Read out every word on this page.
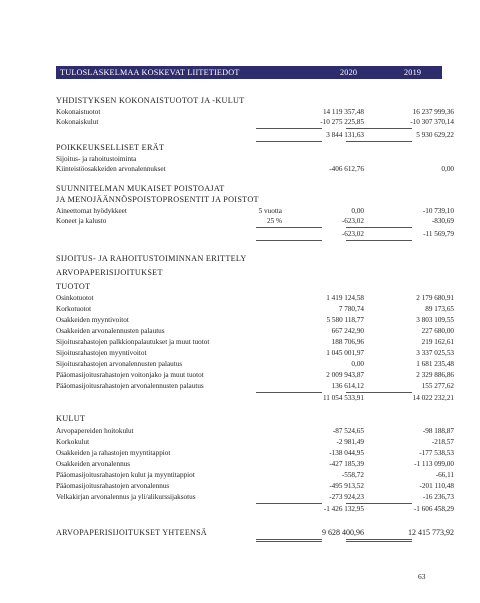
TULOSLASKELMAA KOSKEVAT LIITETIEDOT	2020	2019
YHDISTYKSEN KOKONAISTUOTOT JA -KULUT
Kokonaistuotot	14 119 357,48	16 237 999,36
Kokonaiskulut	-10 275 225,85	-10 307 370,14
3 844 131,63	5 930 629,22
POIKKEUKSELLISET ERÄT
Sijoitus- ja rahoitustoiminta
Kiinteistöosakkeiden arvonalennukset	-406 612,76	0,00
SUUNNITELMAN MUKAISET POISTOAJAT
JA MENOJÄÄNNÖSPOISTOPROSENTIT JA POISTOT
Aineettomat hyödykkeet	5 vuotta	0,00	-10 739,10
Koneet ja kalusto	25 %	-623,02	-830,69
-623,02	-11 569,79
SIJOITUS- JA RAHOITUSTOIMINNAN ERITTELY
ARVOPAPERISIJOITUKSET
TUOTOT
Osinkotuotot	1 419 124,58	2 179 680,91
Korkotuotot	7 780,74	89 173,65
Osakkeiden myyntivoitot	5 580 118,77	3 803 109,55
Osakkeiden arvonalennusten palautus	667 242,90	227 680,00
Sijoitusrahastojen palkkionpalautukset ja muut tuotot	188 706,96	219 162,61
Sijoitusrahastojen myyntivoitot	1 045 001,97	3 337 025,53
Sijoitusrahastojen arvonalennusten palautus	0,00	1 681 235,48
Pääomasijoitusrahastojen voitonjako ja muut tuotot	2 009 943,87	2 329 886,86
Pääomasijoitusrahastojen arvonalennusten palautus	136 614,12	155 277,62
11 054 533,91	14 022 232,21
KULUT
Arvopapereiden hoitokulut	-87 524,65	-98 188,87
Korkokulut	-2 981,49	-218,57
Osakkeiden ja rahastojen myyntitappiot	-138 044,95	-177 538,53
Osakkeiden arvonalennus	-427 185,39	-1 113 099,00
Pääomasijoitusrahastojen kulut ja myyntitappiot	-558,72	-66,11
Pääomasijoitusrahastojen arvonalennus	-495 913,52	-201 110,48
Velkakirjan arvonalennus ja yli/alikurssijaksotus	-273 924,23	-16 236,73
-1 426 132,95	-1 606 458,29
ARVOPAPERISIJOITUKSET YHTEENSÄ	9 628 400,96	12 415 773,92
63
